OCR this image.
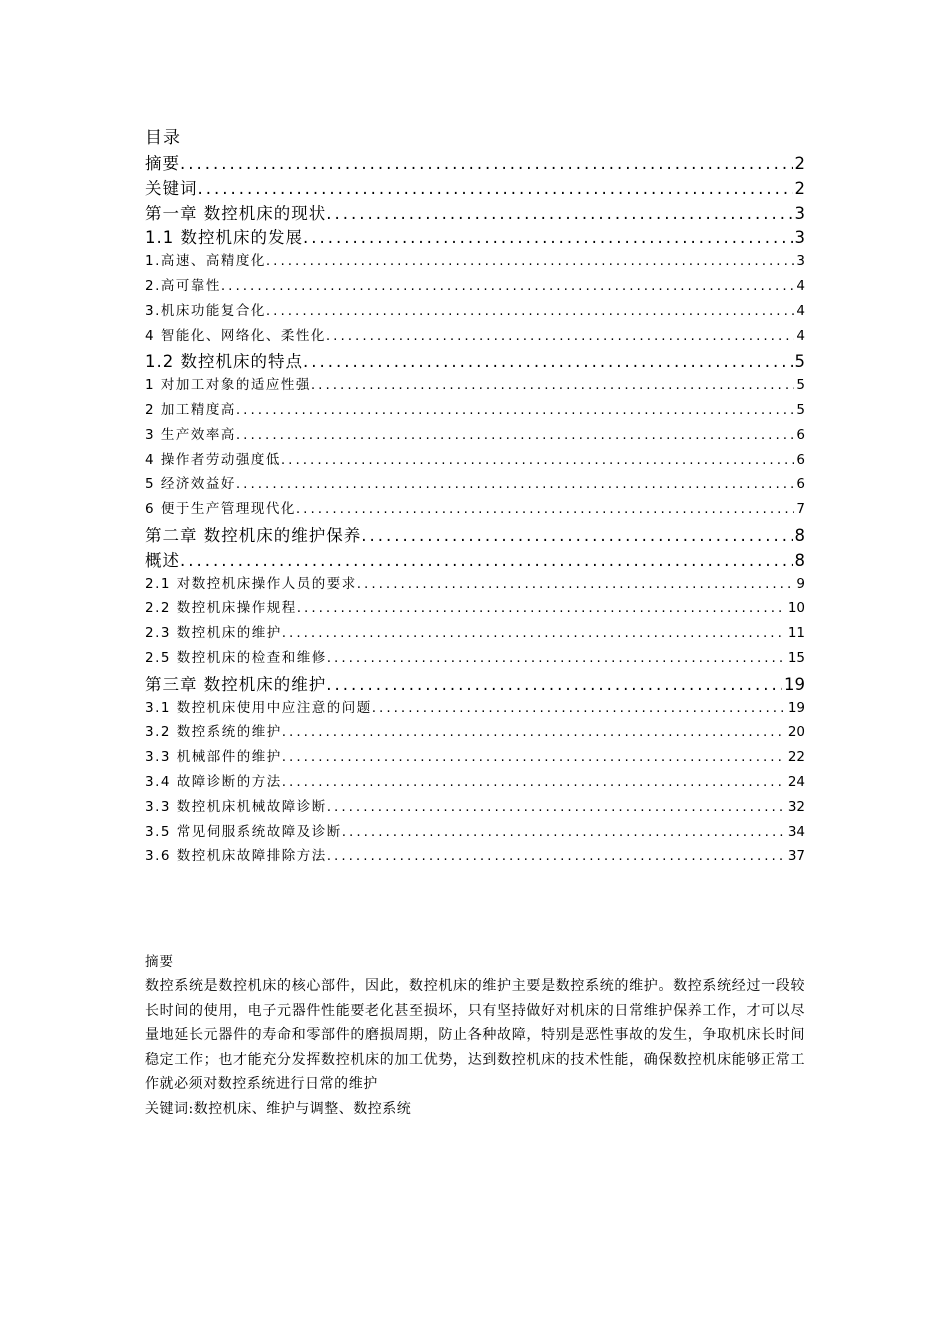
目录
摘要 .....	2
关键词 .....	2
第一章 数控机床的现状 .....	3
1.1 数控机床的发展 .....	3
1.高速、高精度化 .....	3
2.高可靠性 .....	4
3.机床功能复合化 .....	4
4 智能化、网络化、柔性化 .....	4
1.2 数控机床的特点 .....	5
1 对加工对象的适应性强 .....	5
2 加工精度高 .....	5
3 生产效率高 .....	6
4 操作者劳动强度低 .....	6
5 经济效益好 .....	6
6 便于生产管理现代化 .....	7
第二章 数控机床的维护保养 .....	8
概述 .....	8
2.1 对数控机床操作人员的要求 .....	9
2.2 数控机床操作规程 .....	10
2.3 数控机床的维护 .....	11
2.5 数控机床的检查和维修 .....	15
第三章 数控机床的维护 .....	19
3.1 数控机床使用中应注意的问题 .....	19
3.2 数控系统的维护 .....	20
3.3 机械部件的维护 .....	22
3.4 故障诊断的方法 .....	24
3.3 数控机床机械故障诊断 .....	32
3.5 常见伺服系统故障及诊断 .....	34
3.6 数控机床故障排除方法 .....	37
摘要

数控系统是数控机床的核心部件，因此，数控机床的维护主要是数控系统的维护。数控系统经过一段较长时间的使用，电子元器件性能要老化甚至损坏，只有坚持做好对机床的日常维护保养工作，才可以尽量地延长元器件的寿命和零部件的磨损周期，防止各种故障，特别是恶性事故的发生，争取机床长时间稳定工作；也才能充分发挥数控机床的加工优势，达到数控机床的技术性能，确保数控机床能够正常工作就必须对数控系统进行日常的维护

关键词:数控机床、维护与调整、数控系统
